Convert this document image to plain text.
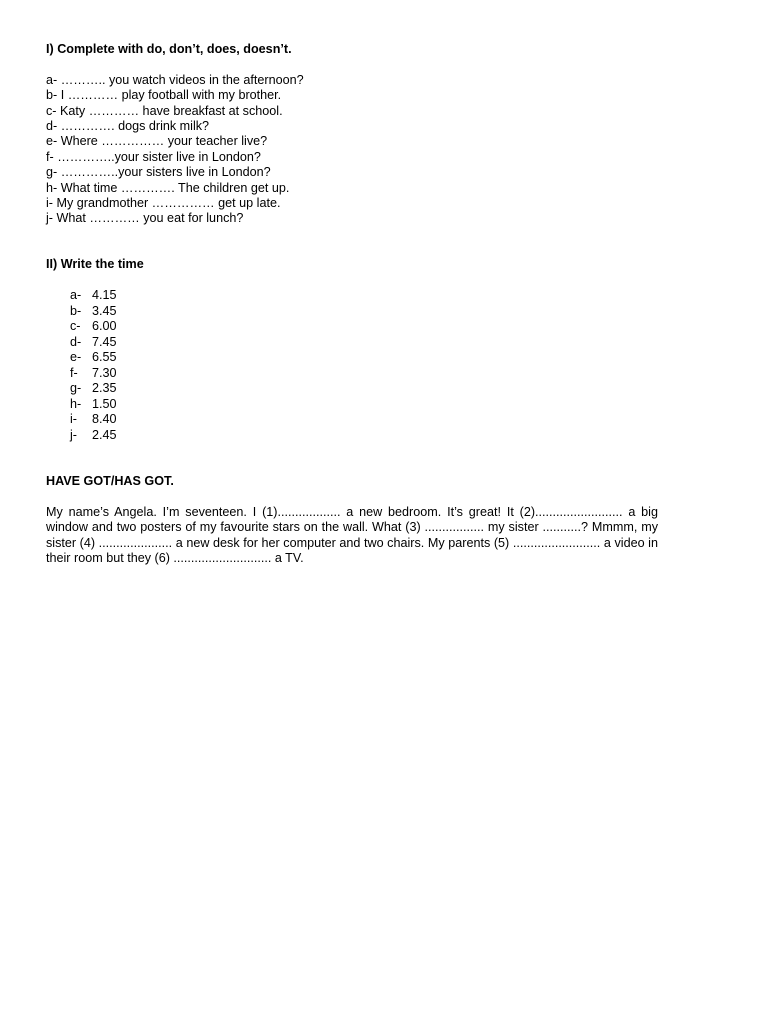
I) Complete with do, don’t, does, doesn’t.

a- ……….. you watch videos in the afternoon?

b- I ………… play football with my brother.

c- Katy ………… have breakfast at school.

d- …………. dogs drink milk?

e- Where …………… your teacher live?

f- …………..your sister live in London?

g- …………..your sisters live in London?

h- What time …………. The children get up.

i- My grandmother …………… get up late.

j- What ………… you eat for lunch?

II) Write the time

a- 4.15
b- 3.45
c- 6.00
d- 7.45
e- 6.55
f- 7.30
g- 2.35
h- 1.50
i- 8.40
j- 2.45

HAVE GOT/HAS GOT.

My name’s Angela. I’m seventeen. I (1).................. a new bedroom. It’s great! It (2)......................... a big window and two posters of my favourite stars on the wall. What (3) ................. my sister ...........? Mmmm, my sister (4) ..................... a new desk for her computer and two chairs. My parents (5) ......................... a video in their room but they (6) ............................ a TV.
